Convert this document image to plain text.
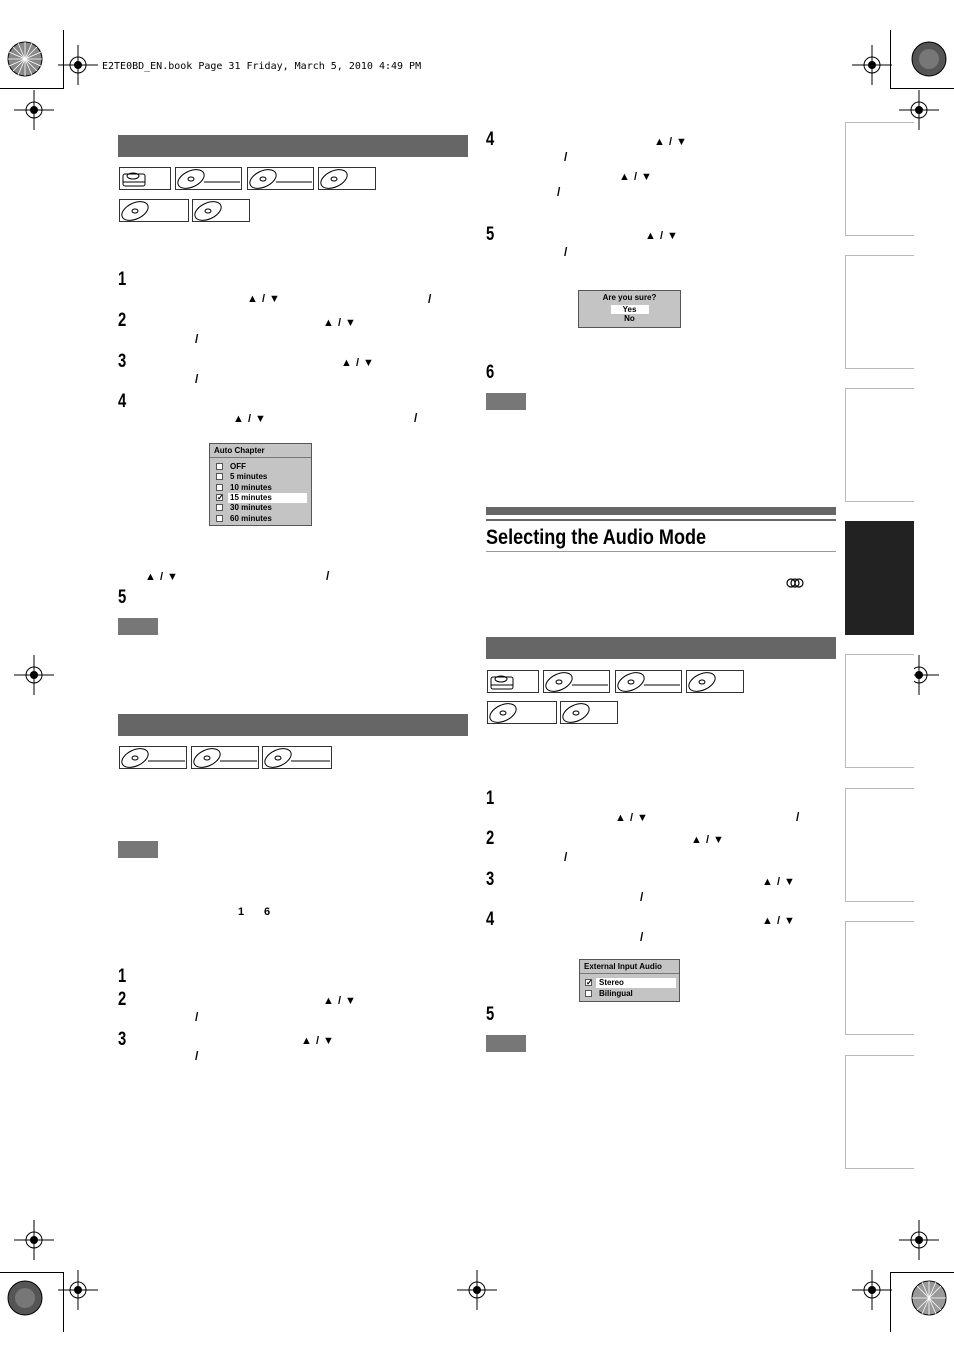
E2TE0BD_EN.book Page 31 Friday, March 5, 2010 4:49 PM
1
▲ / ▼	/
2	▲ / ▼
/
3	▲ / ▼
/
4
▲ / ▼	/
Auto Chapter
OFF
5 minutes
10 minutes
✓ 15 minutes
30 minutes
60 minutes
▲ / ▼	/
5
1 6
1
2	▲ / ▼
/
3	▲ / ▼
/
4	▲ / ▼
/
▲ / ▼
/
5	▲ / ▼
/
Are you sure?
Yes
No
6
Selecting the Audio Mode
1
▲ / ▼	/
2	▲ / ▼
/
3	▲ / ▼
/
4	▲ / ▼
/
External Input Audio
✓ Stereo
Bilingual
5
